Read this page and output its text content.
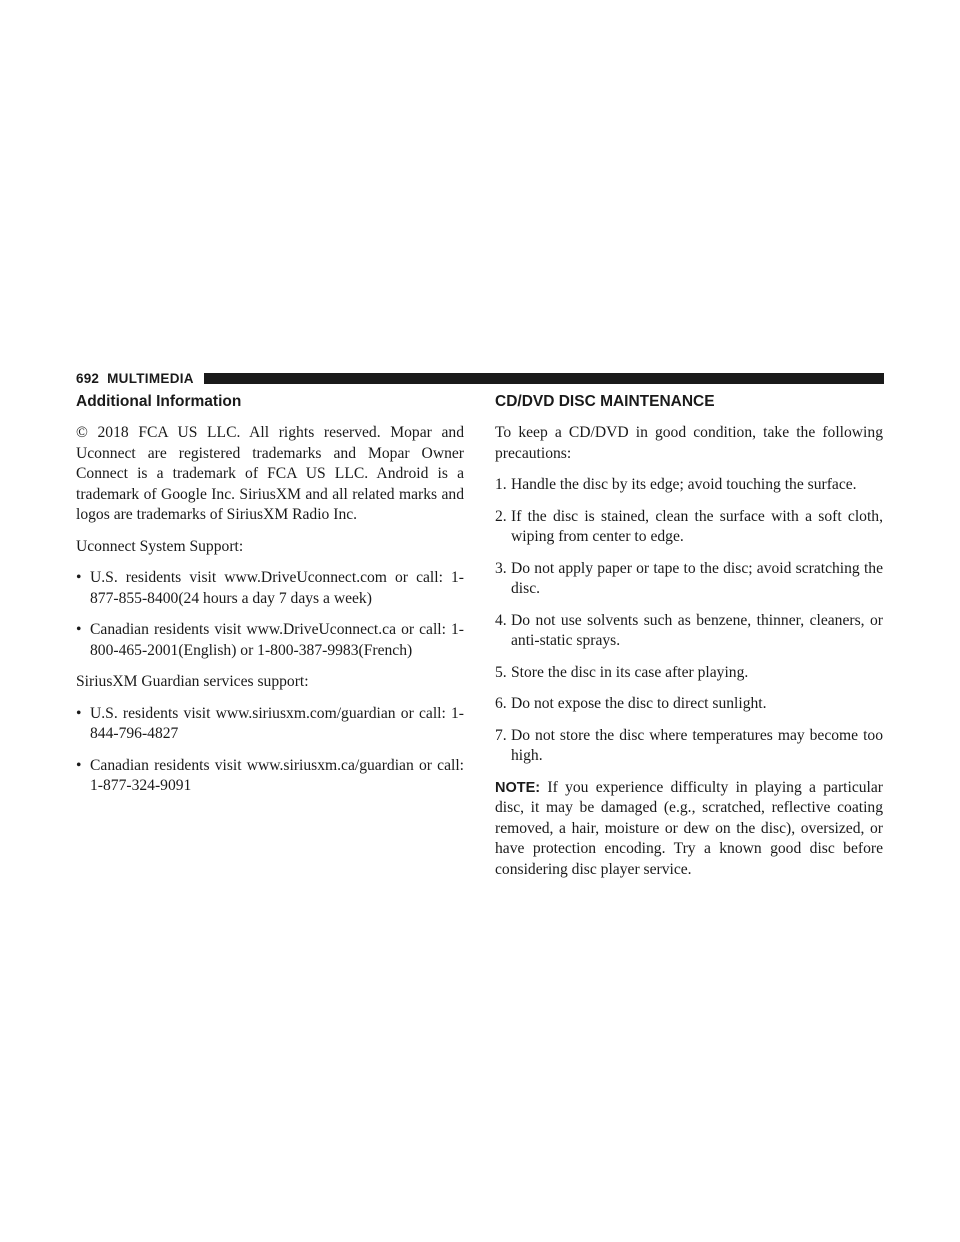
692 MULTIMEDIA
Additional Information

© 2018 FCA US LLC. All rights reserved. Mopar and Uconnect are registered trademarks and Mopar Owner Connect is a trademark of FCA US LLC. Android is a trademark of Google Inc. SiriusXM and all related marks and logos are trademarks of SiriusXM Radio Inc.

Uconnect System Support:

• U.S. residents visit www.DriveUconnect.com or call: 1-877-855-8400(24 hours a day 7 days a week)
• Canadian residents visit www.DriveUconnect.ca or call: 1-800-465-2001(English) or 1-800-387-9983(French)

SiriusXM Guardian services support:

• U.S. residents visit www.siriusxm.com/guardian or call: 1-844-796-4827
• Canadian residents visit www.siriusxm.ca/guardian or call: 1-877-324-9091
CD/DVD DISC MAINTENANCE

To keep a CD/DVD in good condition, take the following precautions:

1. Handle the disc by its edge; avoid touching the surface.
2. If the disc is stained, clean the surface with a soft cloth, wiping from center to edge.
3. Do not apply paper or tape to the disc; avoid scratching the disc.
4. Do not use solvents such as benzene, thinner, cleaners, or anti-static sprays.
5. Store the disc in its case after playing.
6. Do not expose the disc to direct sunlight.
7. Do not store the disc where temperatures may become too high.

NOTE: If you experience difficulty in playing a particular disc, it may be damaged (e.g., scratched, reflective coating removed, a hair, moisture or dew on the disc), oversized, or have protection encoding. Try a known good disc before considering disc player service.
